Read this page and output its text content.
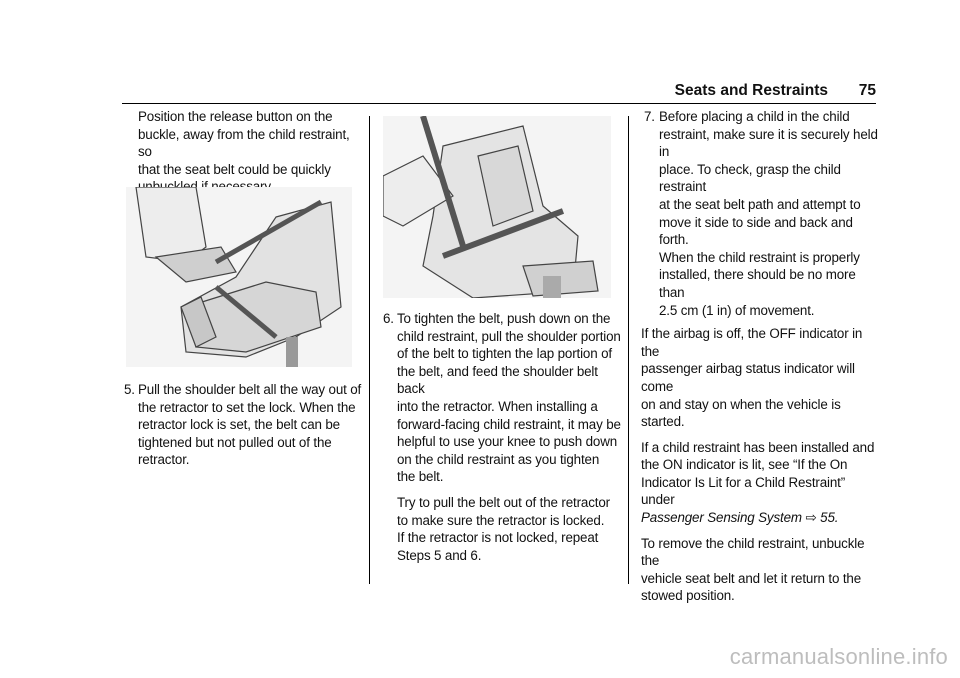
Seats and Restraints 75

Position the release button on the

buckle, away from the child restraint, so

that the seat belt could be quickly

5. Pull the shoulder belt all the way out of

the retractor to set the lock. When the

retractor lock is set, the belt can be

tightened but not pulled out of the

retractor.

6. To tighten the belt, push down on the

child restraint, pull the shoulder portion

of the belt to tighten the lap portion of

the belt, and feed the shoulder belt back

into the retractor. When installing a

forward-facing child restraint, it may be

helpful to use your knee to push down

on the child restraint as you tighten

the belt.

Try to pull the belt out of the retractor

to make sure the retractor is locked.

If the retractor is not locked, repeat

Steps 5 and 6.

7. Before placing a child in the child

restraint, make sure it is securely held in

place. To check, grasp the child restraint

at the seat belt path and attempt to

move it side to side and back and forth.

When the child restraint is properly

installed, there should be no more than

2.5 cm (1 in) of movement.

If the airbag is off, the OFF indicator in the

passenger airbag status indicator will come

on and stay on when the vehicle is started.

If a child restraint has been installed and

the ON indicator is lit, see “If the On

Indicator Is Lit for a Child Restraint” under

Passenger Sensing System ⇨ 55.

To remove the child restraint, unbuckle the

vehicle seat belt and let it return to the

stowed position.

carmanualsonline.info
